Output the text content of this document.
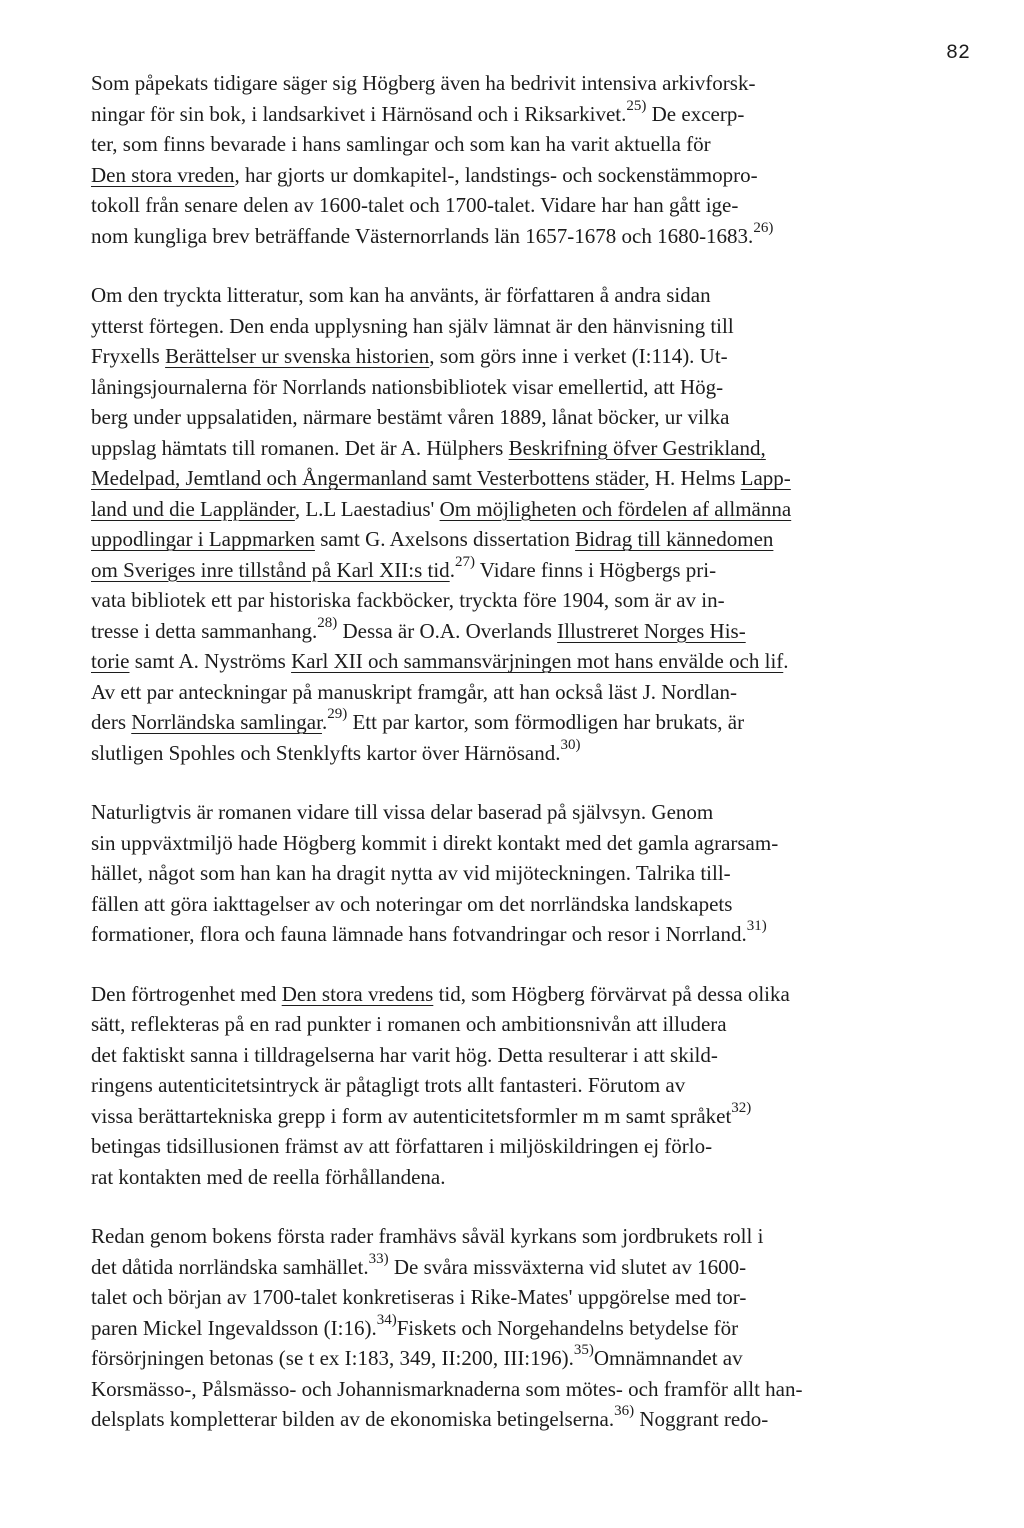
82

Som påpekats tidigare säger sig Högberg även ha bedrivit intensiva arkivforsk-
ningar för sin bok, i landsarkivet i Härnösand och i Riksarkivet.$^{25)}$ De excerp-
ter, som finns bevarade i hans samlingar och som kan ha varit aktuella för
Den stora vreden, har gjorts ur domkapitel-, landstings- och sockenstämmopro-
tokoll från senare delen av 1600-talet och 1700-talet. Vidare har han gått ige-
nom kungliga brev beträffande Västernorrlands län 1657-1678 och 1680-1683.$^{26)}$

Om den tryckta litteratur, som kan ha använts, är författaren å andra sidan
ytterst förtegen. Den enda upplysning han själv lämnat är den hänvisning till
Fryxells Berättelser ur svenska historien, som görs inne i verket (I:114). Ut-
låningsjournalerna för Norrlands nationsbibliotek visar emellertid, att Hög-
berg under uppsalatiden, närmare bestämt våren 1889, lånat böcker, ur vilka
uppslag hämtats till romanen. Det är A. Hülphers Beskrifning öfver Gestrikland,
Medelpad, Jemtland och Ångermanland samt Vesterbottens städer, H. Helms Lapp-
land und die Lappländer, L.L Laestadius' Om möjligheten och fördelen af allmänna
uppodlingar i Lappmarken samt G. Axelsons dissertation Bidrag till kännedomen
om Sveriges inre tillstånd på Karl XII:s tid.$^{27)}$ Vidare finns i Högbergs pri-
vata bibliotek ett par historiska fackböcker, tryckta före 1904, som är av in-
tresse i detta sammanhang.$^{28)}$ Dessa är O.A. Overlands Illustreret Norges His-
torie samt A. Nyströms Karl XII och sammansvärjningen mot hans envälde och lif.
Av ett par anteckningar på manuskript framgår, att han också läst J. Nordlan-
ders Norrländska samlingar.$^{29)}$ Ett par kartor, som förmodligen har brukats, är
slutligen Spohles och Stenklyfts kartor över Härnösand.$^{30)}$

Naturligtvis är romanen vidare till vissa delar baserad på självsyn. Genom
sin uppväxtmiljö hade Högberg kommit i direkt kontakt med det gamla agrarsam-
hället, något som han kan ha dragit nytta av vid mijöteckningen. Talrika till-
fällen att göra iakttagelser av och noteringar om det norrländska landskapets
formationer, flora och fauna lämnade hans fotvandringar och resor i Norrland.$^{31)}$

Den förtrogenhet med Den stora vredens tid, som Högberg förvärvat på dessa olika
sätt, reflekteras på en rad punkter i romanen och ambitionsnivån att illudera
det faktiskt sanna i tilldragelserna har varit hög. Detta resulterar i att skild-
ringens autenticitetsintryck är påtagligt trots allt fantasteri. Förutom av
vissa berättartekniska grepp i form av autenticitetsformler m m samt språket$^{32)}$
betingas tidsillusionen främst av att författaren i miljöskildringen ej förlo-
rat kontakten med de reella förhållandena.

Redan genom bokens första rader framhävs såväl kyrkans som jordbrukets roll i
det dåtida norrländska samhället.$^{33)}$ De svåra missväxterna vid slutet av 1600-
talet och början av 1700-talet konkretiseras i Rike-Mates' uppgörelse med tor-
paren Mickel Ingevaldsson (I:16).$^{34)}$Fiskets och Norgehandelns betydelse för
försörjningen betonas (se t ex I:183, 349, II:200, III:196).$^{35)}$Omnämnandet av
Korsmässo-, Pålsmässo- och Johannismarknaderna som mötes- och framför allt han-
delsplats kompletterar bilden av de ekonomiska betingelserna.$^{36)}$ Noggrant redo-
